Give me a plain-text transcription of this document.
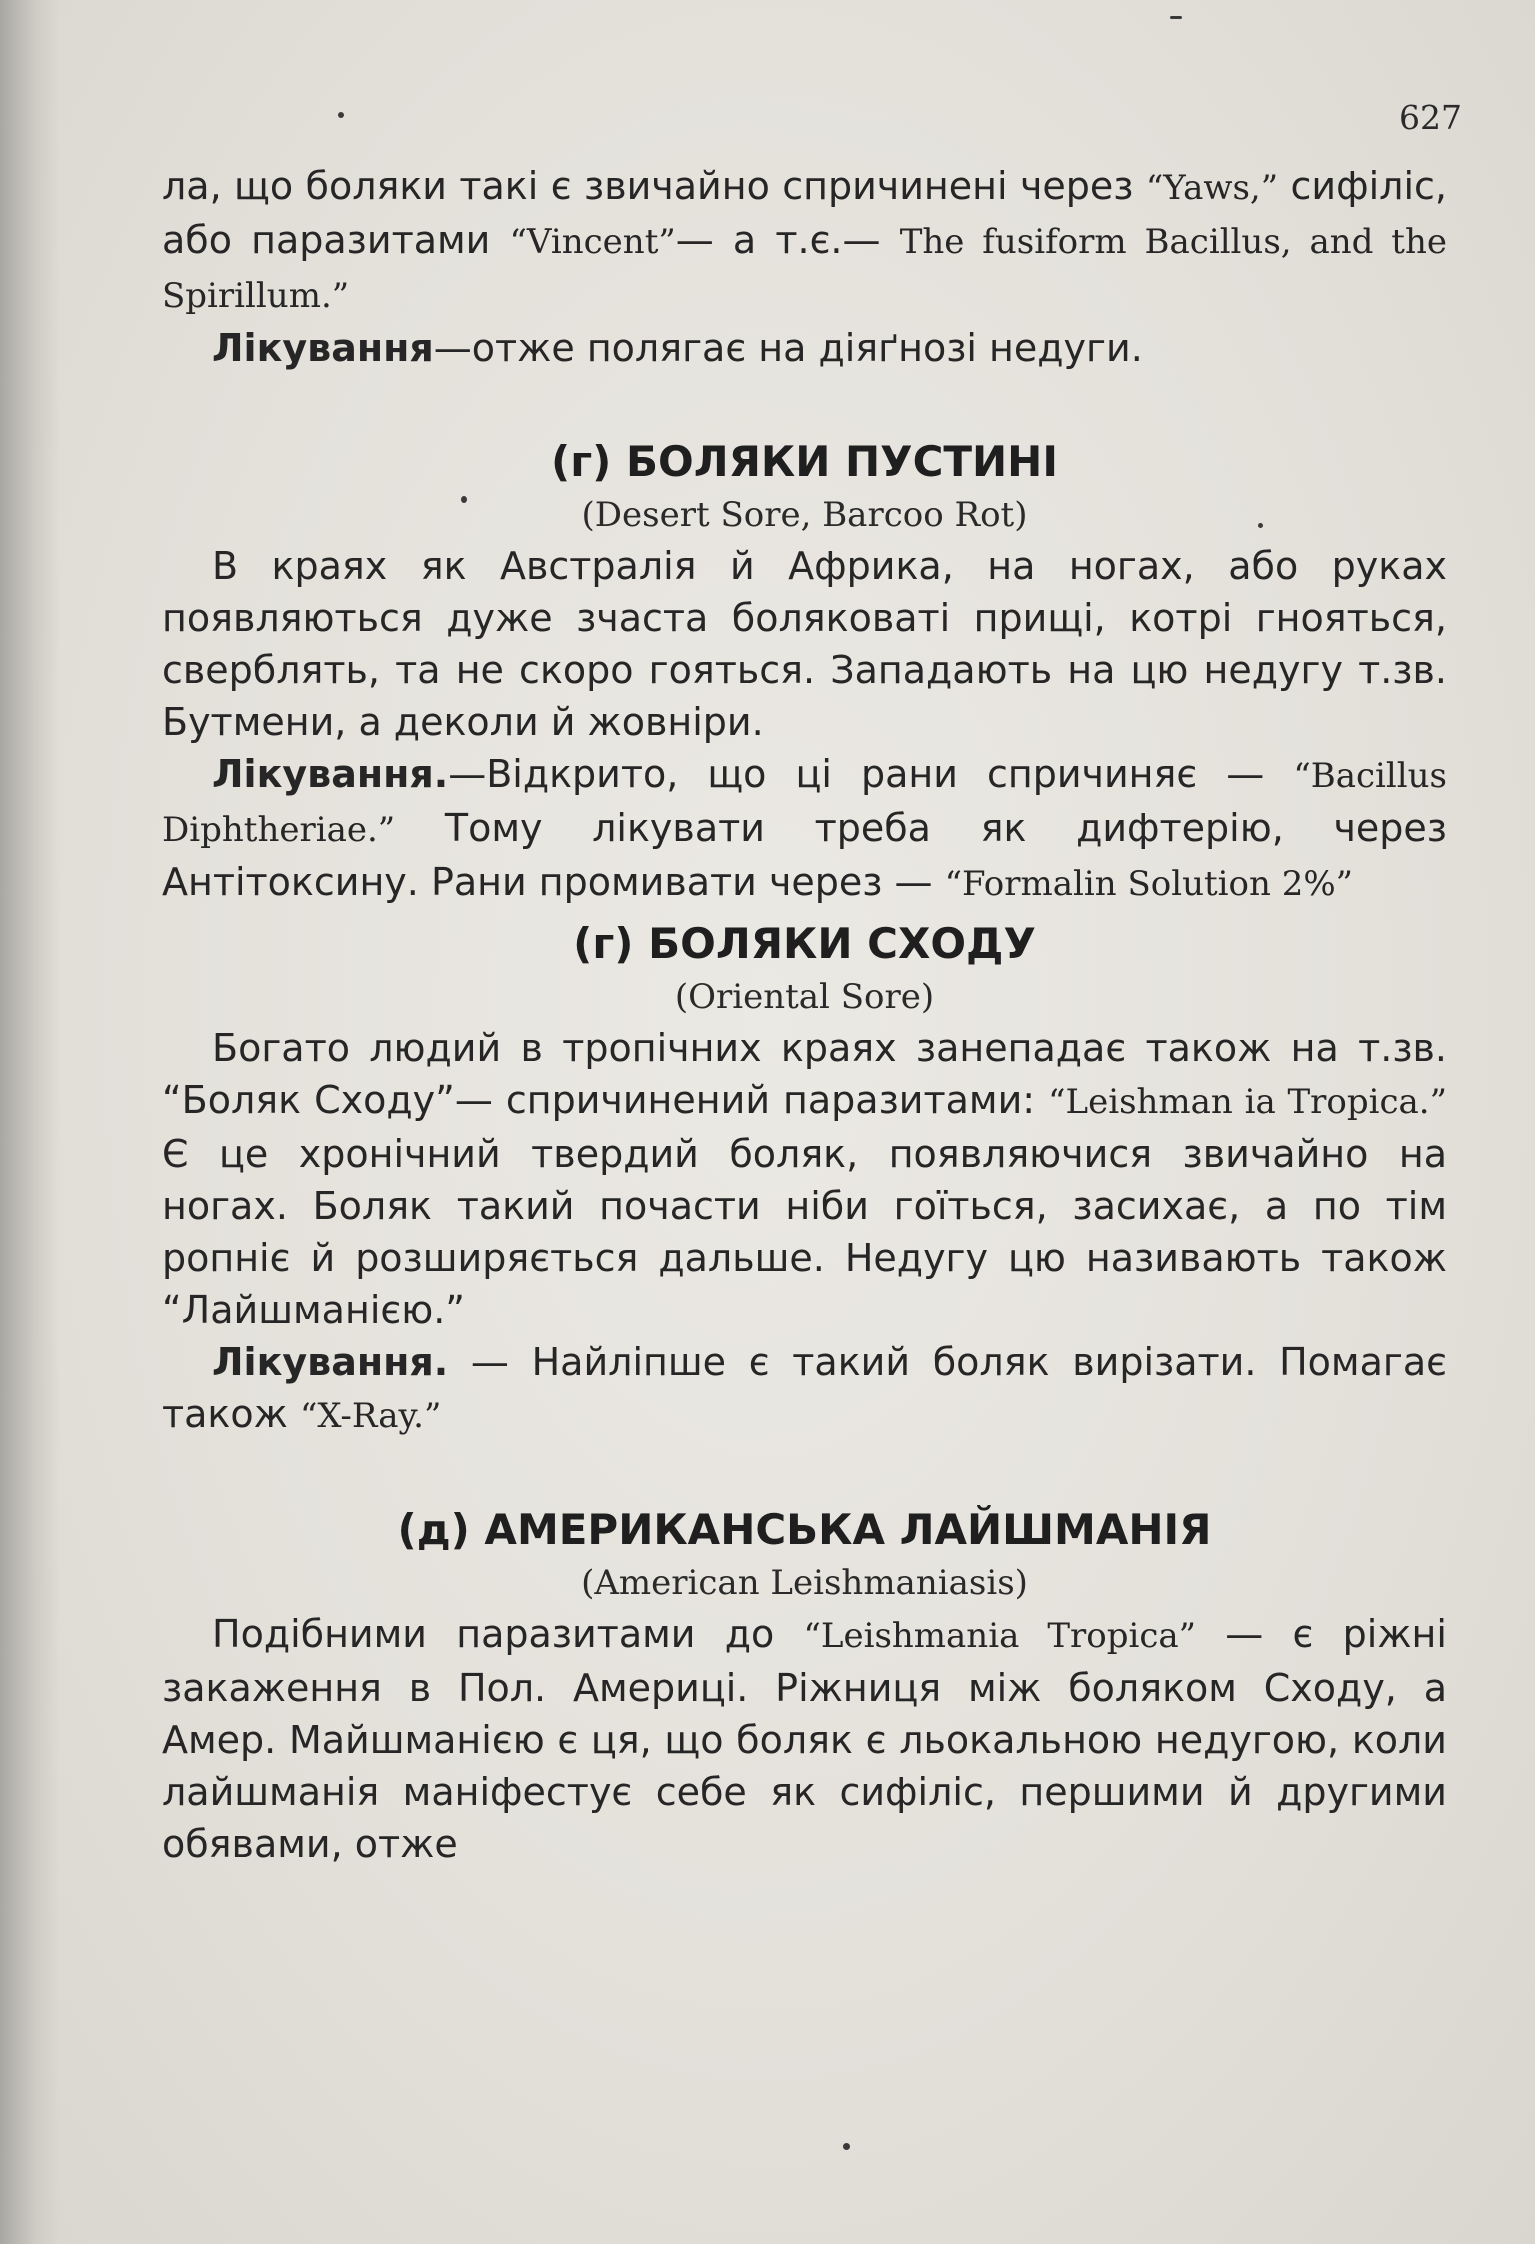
627

ла, що боляки такі є звичайно спричинені через “Yaws,” сифіліс, або паразитами “Vincent”— а т.є.— The fusiform Bacillus, and the Spirillum.”

Лікування—отже полягає на діяґнозі недуги.

(г) БОЛЯКИ ПУСТИНІ
(Desert Sore, Barcoo Rot)

В краях як Австралія й Африка, на ногах, або руках появляються дуже зчаста боляковаті прищі, котрі гнояться, сверблять, та не скоро гояться. Западають на цю недугу т.зв. Бутмени, а деколи й жовніри.

Лікування.—Відкрито, що ці рани спричиняє — “Bacillus Diphtheriae.” Тому лікувати треба як дифтерію, через Антітоксину. Рани промивати через — “Formalin Solution 2%”

(г) БОЛЯКИ СХОДУ
(Oriental Sore)

Богато людий в тропічних краях занепадає також на т.зв. “Боляк Сходу”— спричинений паразитами: “Leishman ia Tropica.” Є це хронічний твердий боляк, появляючися звичайно на ногах. Боляк такий почасти ніби гоїться, засихає, а по тім ропніє й розширяється дальше. Недугу цю називають також “Лайшманією.”

Лікування. — Найліпше є такий боляк вирізати. Помагає також “X-Ray.”

(д) АМЕРИКАНСЬКА ЛАЙШМАНІЯ
(American Leishmaniasis)

Подібними паразитами до “Leishmania Tropica” — є ріжні закаження в Пол. Америці. Ріжниця між боляком Сходу, а Амер. Майшманією є ця, що боляк є льокальною недугою, коли лайшманія маніфестує себе як сифіліс, першими й другими обявами, отже
